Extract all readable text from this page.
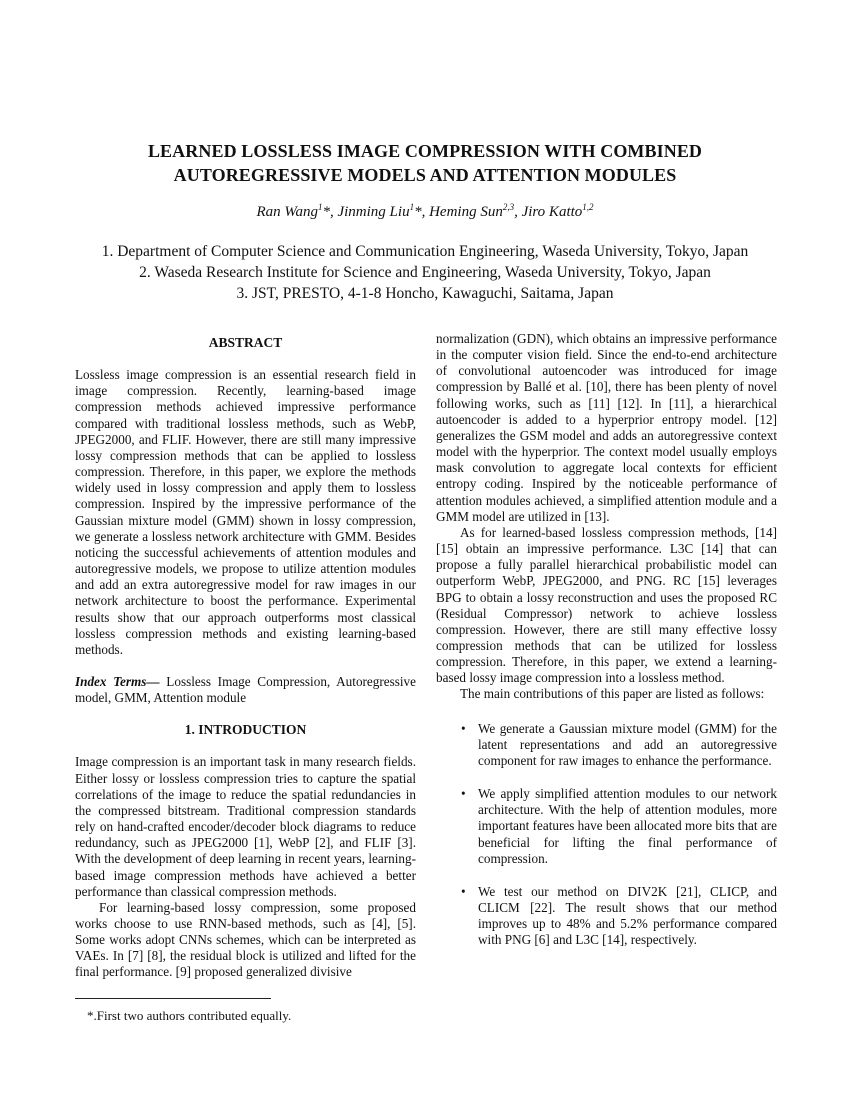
LEARNED LOSSLESS IMAGE COMPRESSION WITH COMBINED
AUTOREGRESSIVE MODELS AND ATTENTION MODULES
Ran Wang$^1$*, Jinming Liu$^1$*, Heming Sun$^{2,3}$, Jiro Katto$^{1,2}$
1. Department of Computer Science and Communication Engineering, Waseda University, Tokyo, Japan
2. Waseda Research Institute for Science and Engineering, Waseda University, Tokyo, Japan
3. JST, PRESTO, 4-1-8 Honcho, Kawaguchi, Saitama, Japan
ABSTRACT

Lossless image compression is an essential research field in image compression. Recently, learning-based image compression methods achieved impressive performance compared with traditional lossless methods, such as WebP, JPEG2000, and FLIF. However, there are still many impressive lossy compression methods that can be applied to lossless compression. Therefore, in this paper, we explore the methods widely used in lossy compression and apply them to lossless compression. Inspired by the impressive performance of the Gaussian mixture model (GMM) shown in lossy compression, we generate a lossless network architecture with GMM. Besides noticing the successful achievements of attention modules and autoregressive models, we propose to utilize attention modules and add an extra autoregressive model for raw images in our network architecture to boost the performance. Experimental results show that our approach outperforms most classical lossless compression methods and existing learning-based methods.

Index Terms— Lossless Image Compression, Autoregressive model, GMM, Attention module

1. INTRODUCTION

Image compression is an important task in many research fields. Either lossy or lossless compression tries to capture the spatial correlations of the image to reduce the spatial redundancies in the compressed bitstream. Traditional compression standards rely on hand-crafted encoder/decoder block diagrams to reduce redundancy, such as JPEG2000 [1], WebP [2], and FLIF [3]. With the development of deep learning in recent years, learning-based image compression methods have achieved a better performance than classical compression methods.

For learning-based lossy compression, some proposed works choose to use RNN-based methods, such as [4], [5]. Some works adopt CNNs schemes, which can be interpreted as VAEs. In [7] [8], the residual block is utilized and lifted for the final performance. [9] proposed generalized divisive

normalization (GDN), which obtains an impressive performance in the computer vision field. Since the end-to-end architecture of convolutional autoencoder was introduced for image compression by Ballé et al. [10], there has been plenty of novel following works, such as [11] [12]. In [11], a hierarchical autoencoder is added to a hyperprior entropy model. [12] generalizes the GSM model and adds an autoregressive context model with the hyperprior. The context model usually employs mask convolution to aggregate local contexts for efficient entropy coding. Inspired by the noticeable performance of attention modules achieved, a simplified attention module and a GMM model are utilized in [13].

As for learned-based lossless compression methods, [14] [15] obtain an impressive performance. L3C [14] that can propose a fully parallel hierarchical probabilistic model can outperform WebP, JPEG2000, and PNG. RC [15] leverages BPG to obtain a lossy reconstruction and uses the proposed RC (Residual Compressor) network to achieve lossless compression. However, there are still many effective lossy compression methods that can be utilized for lossless compression. Therefore, in this paper, we extend a learning-based lossy image compression into a lossless method.

The main contributions of this paper are listed as follows:

• We generate a Gaussian mixture model (GMM) for the latent representations and add an autoregressive component for raw images to enhance the performance.
• We apply simplified attention modules to our network architecture. With the help of attention modules, more important features have been allocated more bits that are beneficial for lifting the final performance of compression.
• We test our method on DIV2K [21], CLICP, and CLICM [22]. The result shows that our method improves up to 48% and 5.2% performance compared with PNG [6] and L3C [14], respectively.
*.First two authors contributed equally.
